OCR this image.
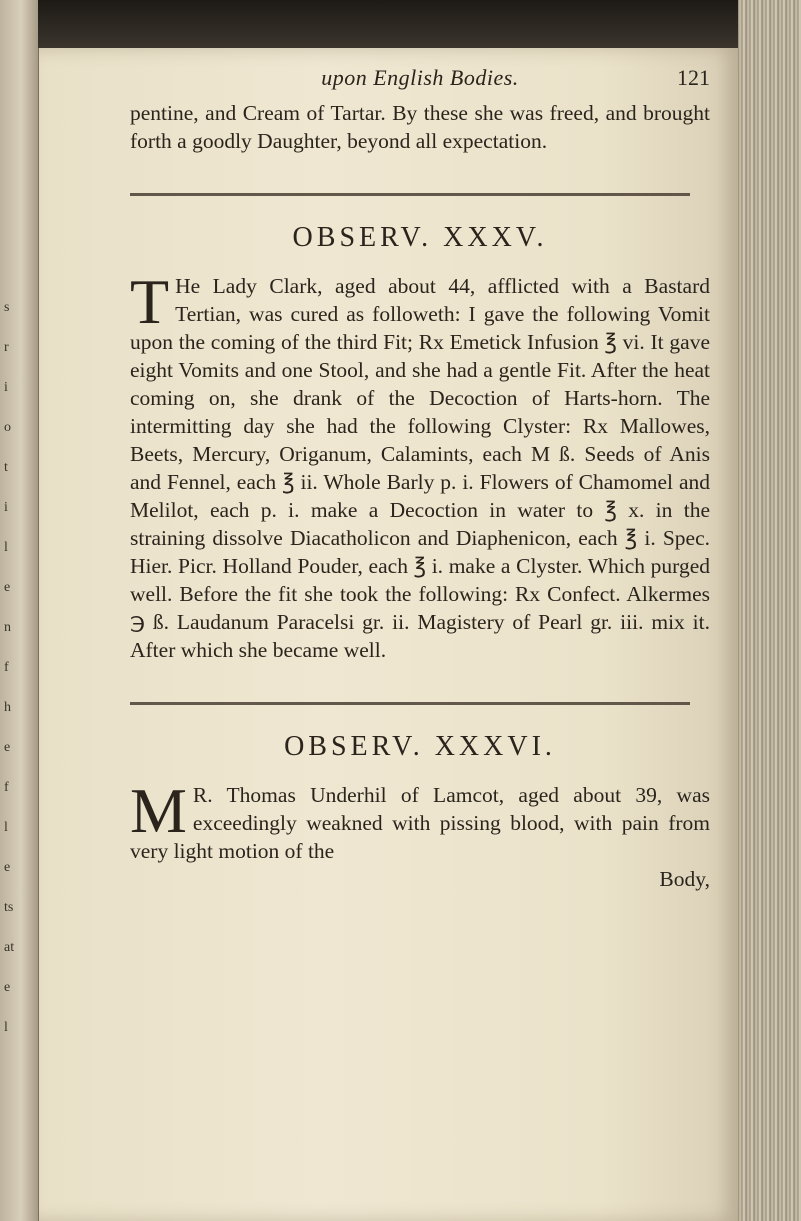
s
r
i
o
t
i
l
e
n
f
h
e
f
l
e
ts
at
e
l
upon English Bodies.	121

pentine, and Cream of Tartar. By these she was freed, and brought forth a goodly Daughter, beyond all expectation.

OBSERV. XXXV.
T He Lady Clark, aged about 44, afflicted with a Bastard Tertian, was cured as followeth: I gave the following Vomit upon the coming of the third Fit; Rx Emetick Infusion ℥ vi. It gave eight Vomits and one Stool, and she had a gentle Fit. After the heat coming on, she drank of the Decoction of Harts-horn. The intermitting day she had the following Clyster: Rx Mallowes, Beets, Mercury, Origanum, Calamints, each M ß. Seeds of Anis and Fennel, each ℥ ii. Whole Barly p. i. Flowers of Chamomel and Melilot, each p. i. make a Decoction in water to ℥ x. in the straining dissolve Diacatholicon and Diaphenicon, each ℥ i. Spec. Hier. Picr. Holland Pouder, each ℥ i. make a Clyster. Which purged well. Before the fit she took the following: Rx Confect. Alkermes ℈ ß. Laudanum Paracelsi gr. ii. Magistery of Pearl gr. iii. mix it. After which she became well.

OBSERV. XXXVI.
M R. Thomas Underhil of Lamcot, aged about 39, was exceedingly weakned with pissing blood, with pain from very light motion of the

Body,
